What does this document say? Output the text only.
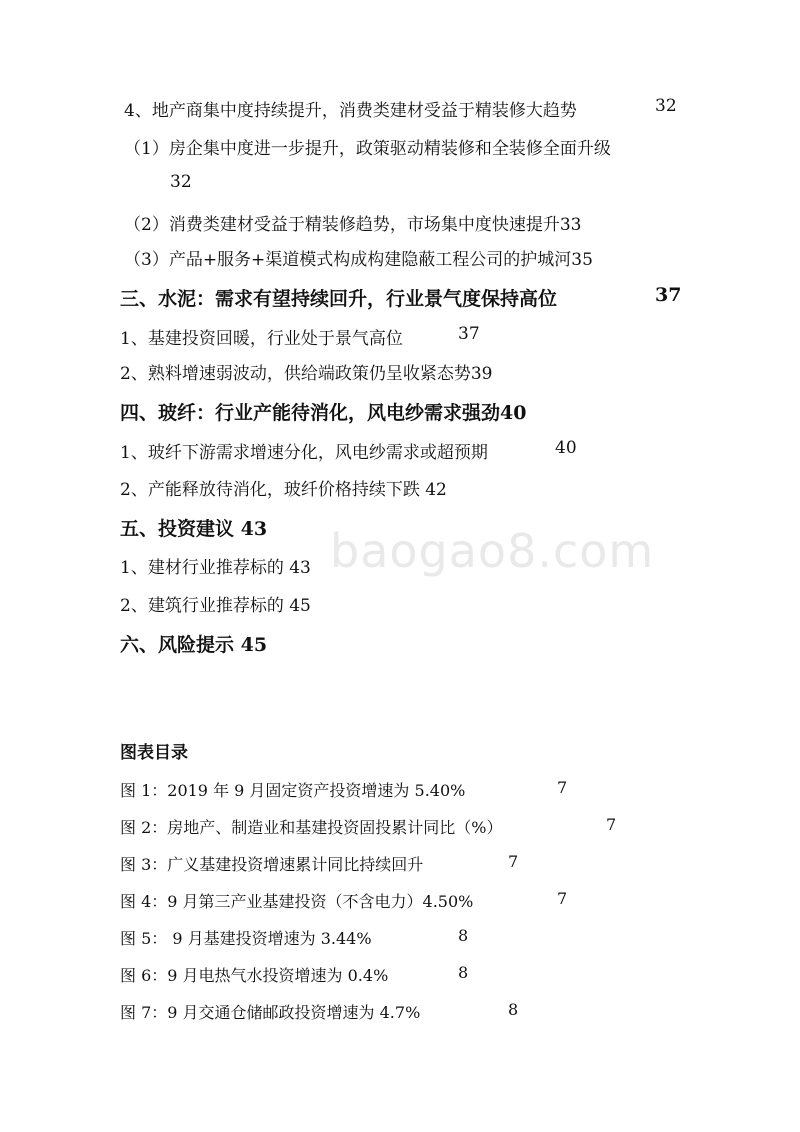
baogao8.com
4、地产商集中度持续提升，消费类建材受益于精装修大趋势	32
（1）房企集中度进一步提升，政策驱动精装修和全装修全面升级
32
（2）消费类建材受益于精装修趋势，市场集中度快速提升33
（3）产品+服务+渠道模式构成构建隐蔽工程公司的护城河35
三、水泥：需求有望持续回升，行业景气度保持高位	37
1、基建投资回暖，行业处于景气高位	37
2、熟料增速弱波动，供给端政策仍呈收紧态势39
四、玻纤：行业产能待消化，风电纱需求强劲40
1、玻纤下游需求增速分化，风电纱需求或超预期	40
2、产能释放待消化，玻纤价格持续下跌 42
五、投资建议 43
1、建材行业推荐标的 43
2、建筑行业推荐标的 45
六、风险提示 45
图表目录
图 1：2019 年 9 月固定资产投资增速为 5.40%	7
图 2：房地产、制造业和基建投资固投累计同比（%）	7
图 3：广义基建投资增速累计同比持续回升	7
图 4：9 月第三产业基建投资（不含电力）4.50%	7
图 5： 9 月基建投资增速为 3.44%	8
图 6：9 月电热气水投资增速为 0.4%	8
图 7：9 月交通仓储邮政投资增速为 4.7%	8
